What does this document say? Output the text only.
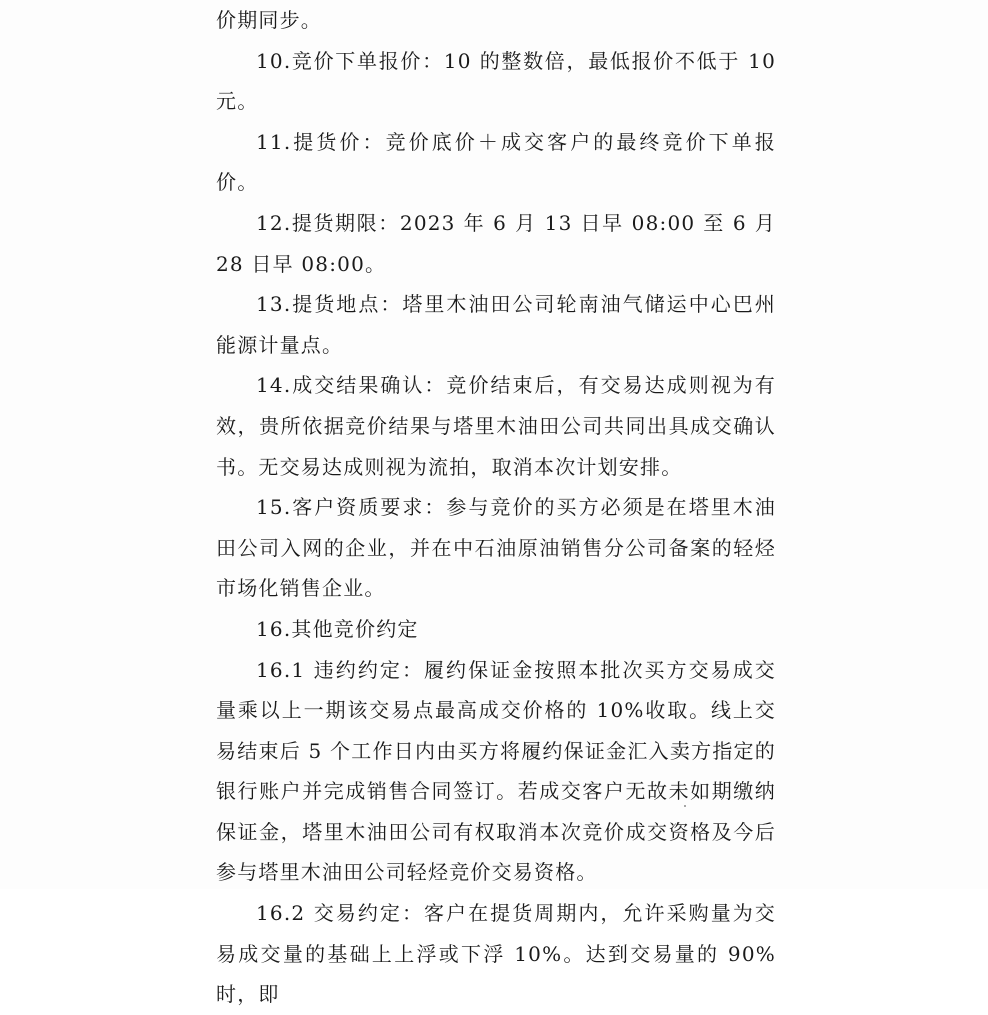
价期同步。

10.竞价下单报价：10 的整数倍，最低报价不低于 10 元。

11.提货价：竞价底价＋成交客户的最终竞价下单报价。

12.提货期限：2023 年 6 月 13 日早 08:00 至 6 月 28 日早 08:00。

13.提货地点：塔里木油田公司轮南油气储运中心巴州能源计量点。

14.成交结果确认：竞价结束后，有交易达成则视为有效，贵所依据竞价结果与塔里木油田公司共同出具成交确认书。无交易达成则视为流拍，取消本次计划安排。

15.客户资质要求：参与竞价的买方必须是在塔里木油田公司入网的企业，并在中石油原油销售分公司备案的轻烃市场化销售企业。

16.其他竞价约定

16.1 违约约定：履约保证金按照本批次买方交易成交量乘以上一期该交易点最高成交价格的 10%收取。线上交易结束后 5 个工作日内由买方将履约保证金汇入卖方指定的银行账户并完成销售合同签订。若成交客户无故未如期缴纳保证金，塔里木油田公司有权取消本次竞价成交资格及今后参与塔里木油田公司轻烃竞价交易资格。

16.2 交易约定：客户在提货周期内，允许采购量为交易成交量的基础上上浮或下浮 10%。达到交易量的 90%时，即
